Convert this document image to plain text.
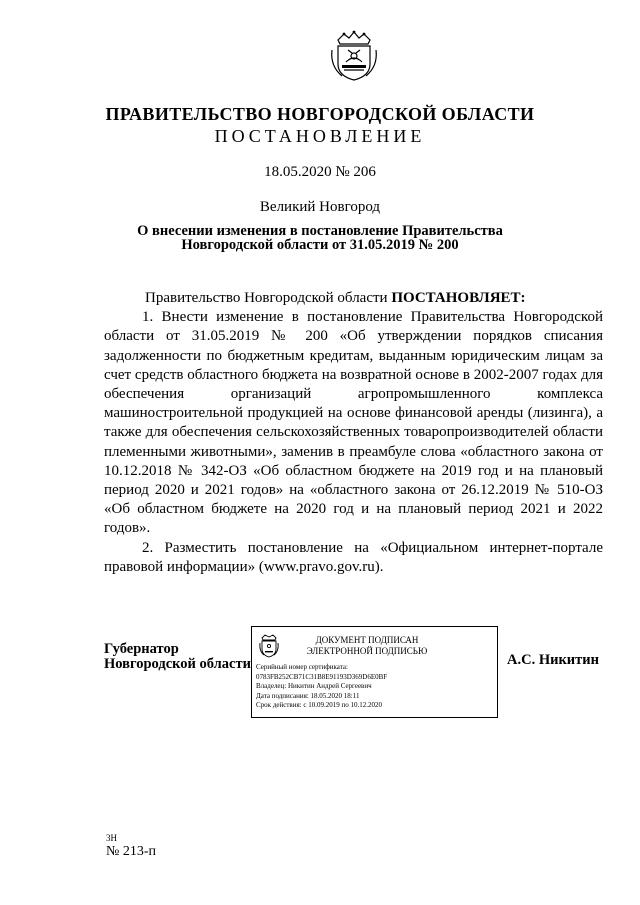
ПРАВИТЕЛЬСТВО НОВГОРОДСКОЙ ОБЛАСТИ
ПОСТАНОВЛЕНИЕ
18.05.2020 № 206
Великий Новгород
О внесении изменения в постановление Правительства
Новгородской области от 31.05.2019 № 200

Правительство Новгородской области ПОСТАНОВЛЯЕТ:

1. Внести изменение в постановление Правительства Новгородской области от 31.05.2019 № 200 «Об утверждении порядков списания задолженности по бюджетным кредитам, выданным юридическим лицам за счет средств областного бюджета на возвратной основе в 2002-2007 годах для обеспечения организаций агропромышленного комплекса машиностроительной продукцией на основе финансовой аренды (лизинга), а также для обеспечения сельскохозяйственных товаропроизводителей области племенными животными», заменив в преамбуле слова «областного закона от 10.12.2018 № 342-ОЗ «Об областном бюджете на 2019 год и на плановый период 2020 и 2021 годов» на «областного закона от 26.12.2019 № 510-ОЗ «Об областном бюджете на 2020 год и на плановый период 2021 и 2022 годов».

2. Разместить постановление на «Официальном интернет-портале правовой информации» (www.pravo.gov.ru).

Губернатор
Новгородской области
ДОКУМЕНТ ПОДПИСАН
ЭЛЕКТРОННОЙ ПОДПИСЬЮ
Серийный номер сертификата:
0783FB252CB71C31B8E91193D369D6E0BF
Владелец: Никитин Андрей Сергеевич
Дата подписания: 18.05.2020 18:11
Срок действия: с 10.09.2019 по 10.12.2020
А.С. Никитин
3Н
№ 213-п
